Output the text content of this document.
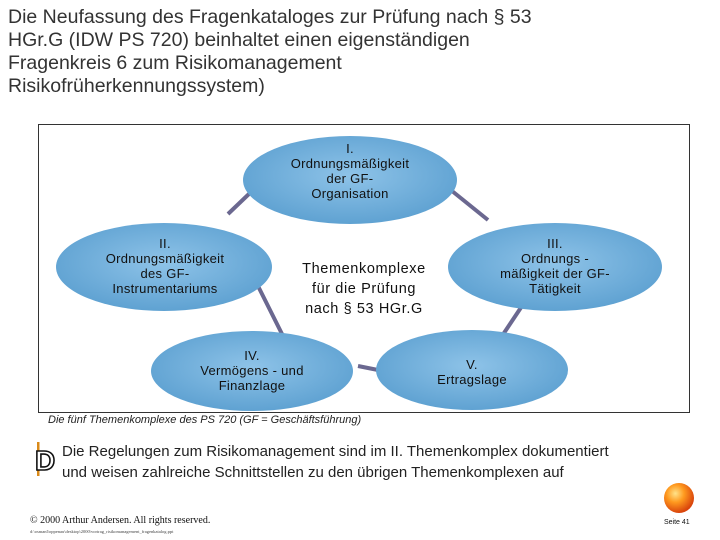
Die Neufassung des Fragenkataloges zur Prüfung nach § 53
HGr.G (IDW PS 720) beinhaltet einen eigenständigen
Fragenkreis 6 zum Risikomanagement
Risikofrüherkennungssystem)
I.
Ordnungsmäßigkeit
der GF-
Organisation
II.
Ordnungsmäßigkeit
des GF-
Instrumentariums
III.
Ordnungs -
mäßigkeit der GF-
Tätigkeit
IV.
Vermögens - und
Finanzlage
V.
Ertragslage
Themenkomplexe
für die Prüfung
nach § 53 HGr.G
Die fünf Themenkomplexe des PS 720 (GF = Geschäftsführung)
D Die Regelungen zum Risikomanagement sind im II. Themenkomplex dokumentiert
und weisen zahlreiche Schnittstellen zu den übrigen Themenkomplexen auf
© 2000 Arthur Andersen. All rights reserved.
d:\osmanl\oppenau\desktop\2000\vortrag_risikomanagement_fragenkatalog.ppt
Seite 41
